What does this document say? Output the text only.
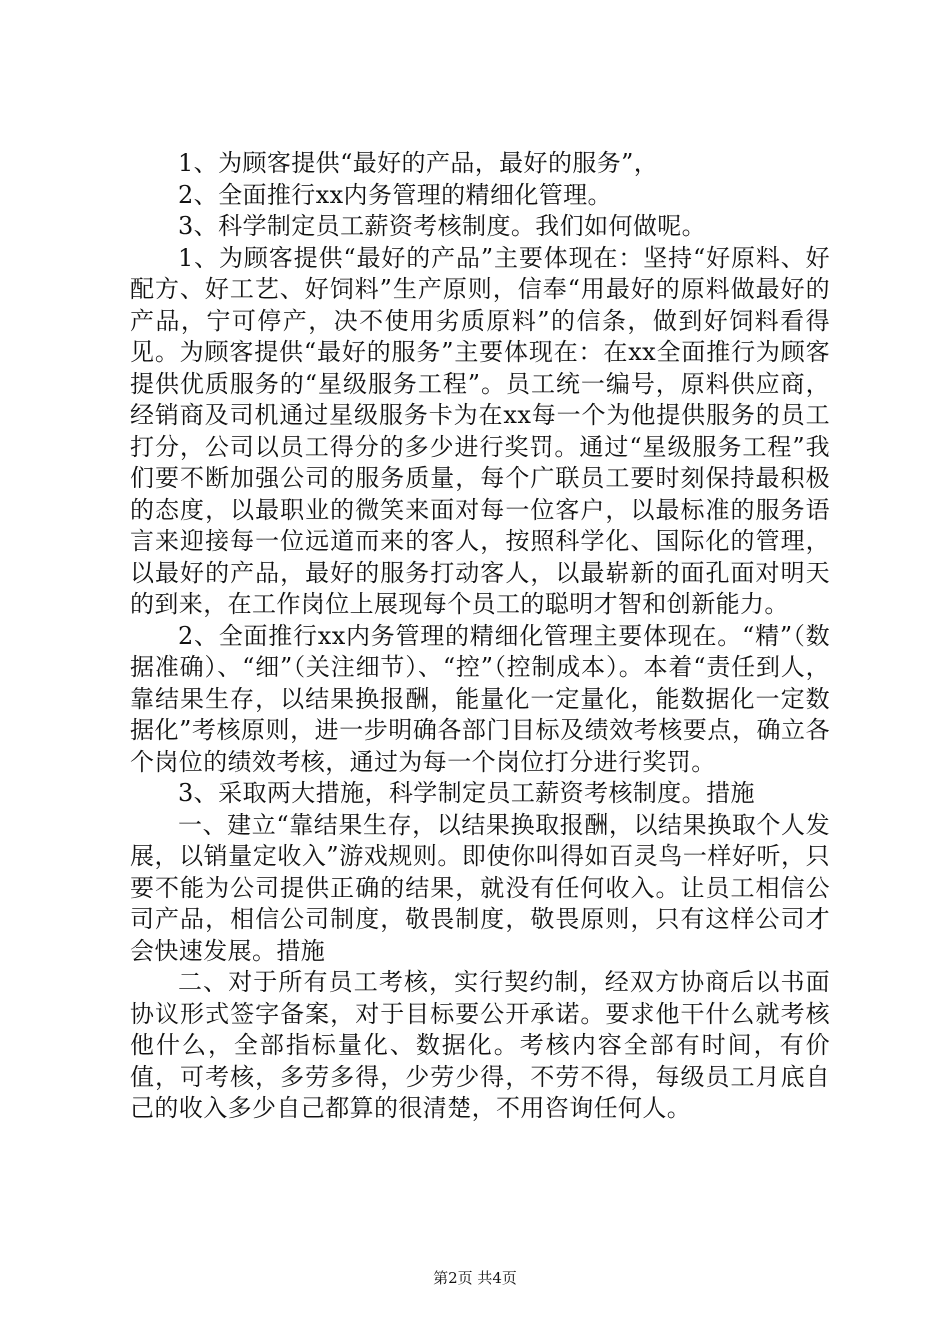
1、为顾客提供“最好的产品，最好的服务”，

2、全面推行xx内务管理的精细化管理。

3、科学制定员工薪资考核制度。我们如何做呢。

1、为顾客提供“最好的产品”主要体现在：坚持“好原料、好配方、好工艺、好饲料”生产原则，信奉“用最好的原料做最好的产品，宁可停产，决不使用劣质原料”的信条，做到好饲料看得见。为顾客提供“最好的服务”主要体现在：在xx全面推行为顾客提供优质服务的“星级服务工程”。员工统一编号，原料供应商，经销商及司机通过星级服务卡为在xx每一个为他提供服务的员工打分，公司以员工得分的多少进行奖罚。通过“星级服务工程”我们要不断加强公司的服务质量，每个广联员工要时刻保持最积极的态度，以最职业的微笑来面对每一位客户，以最标准的服务语言来迎接每一位远道而来的客人，按照科学化、国际化的管理，以最好的产品，最好的服务打动客人，以最崭新的面孔面对明天的到来，在工作岗位上展现每个员工的聪明才智和创新能力。

2、全面推行xx内务管理的精细化管理主要体现在。“精”（数据准确）、“细”（关注细节）、“控”（控制成本）。本着“责任到人，靠结果生存，以结果换报酬，能量化一定量化，能数据化一定数据化”考核原则，进一步明确各部门目标及绩效考核要点，确立各个岗位的绩效考核，通过为每一个岗位打分进行奖罚。

3、采取两大措施，科学制定员工薪资考核制度。措施

一、建立“靠结果生存，以结果换取报酬，以结果换取个人发展，以销量定收入”游戏规则。即使你叫得如百灵鸟一样好听，只要不能为公司提供正确的结果，就没有任何收入。让员工相信公司产品，相信公司制度，敬畏制度，敬畏原则，只有这样公司才会快速发展。措施

二、对于所有员工考核，实行契约制，经双方协商后以书面协议形式签字备案，对于目标要公开承诺。要求他干什么就考核他什么，全部指标量化、数据化。考核内容全部有时间，有价值，可考核，多劳多得，少劳少得，不劳不得，每级员工月底自己的收入多少自己都算的很清楚，不用咨询任何人。

第2页 共4页
